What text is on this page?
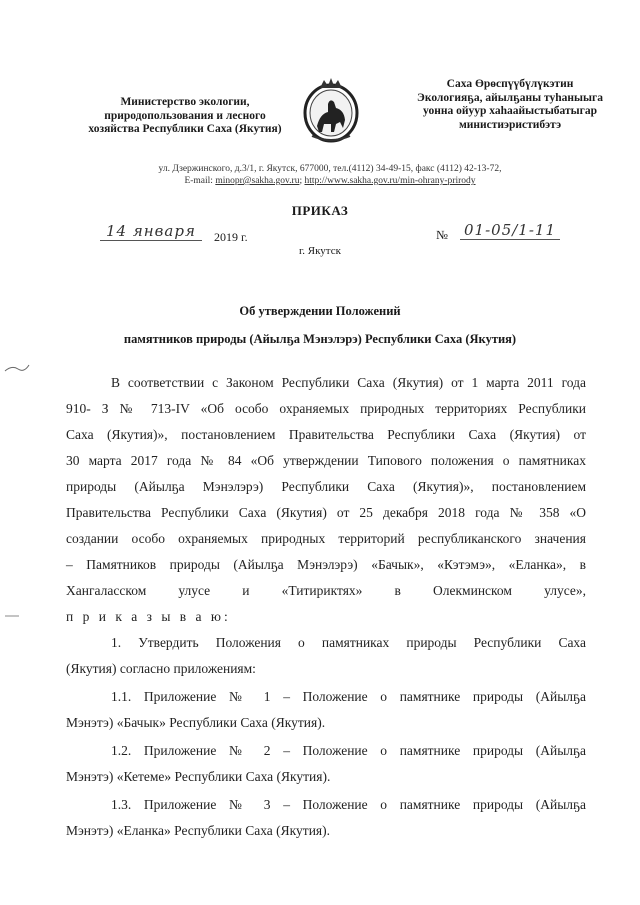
Министерство экологии,
природопользования и лесного
хозяйства Республики Саха (Якутия)
Саха Өрөспүүбүлүкэтин
Экологияҕа, айылҕаны туһаныыга
уонна ойуур хаһаайыстыбатыгар
министиэристибэтэ
ул. Дзержинского, д.3/1, г. Якутск, 677000, тел.(4112) 34-49-15, факс (4112) 42-13-72,
E-mail: minopr@sakha.gov.ru; http://www.sakha.gov.ru/min-ohrany-prirody
ПРИКАЗ
14 января	2019 г.	№ 01-05/1-11
г. Якутск
Об утверждении Положений
памятников природы (Айылҕа Мэнэлэрэ) Республики Саха (Якутия)
В соответствии с Законом Республики Саха (Якутия) от 1 марта 2011 года
910- З № 713-IV «Об особо охраняемых природных территориях Республики
Саха (Якутия)», постановлением Правительства Республики Саха (Якутия) от
30 марта 2017 года № 84 «Об утверждении Типового положения о памятниках
природы (Айылҕа Мэнэлэрэ) Республики Саха (Якутия)», постановлением
Правительства Республики Саха (Якутия) от 25 декабря 2018 года № 358 «О
создании особо охраняемых природных территорий республиканского значения
– Памятников природы (Айылҕа Мэнэлэрэ) «Бачык», «Кэтэмэ», «Еланка», в
Хангаласском улусе и «Титириктях» в Олекминском улусе»,
п р и к а з ы в а ю:
1. Утвердить Положения о памятниках природы Республики Саха
(Якутия) согласно приложениям:
1.1. Приложение № 1 – Положение о памятнике природы (Айылҕа
Мэнэтэ) «Бачык» Республики Саха (Якутия).
1.2. Приложение № 2 – Положение о памятнике природы (Айылҕа
Мэнэтэ) «Кетеме» Республики Саха (Якутия).
1.3. Приложение № 3 – Положение о памятнике природы (Айылҕа
Мэнэтэ) «Еланка» Республики Саха (Якутия).
